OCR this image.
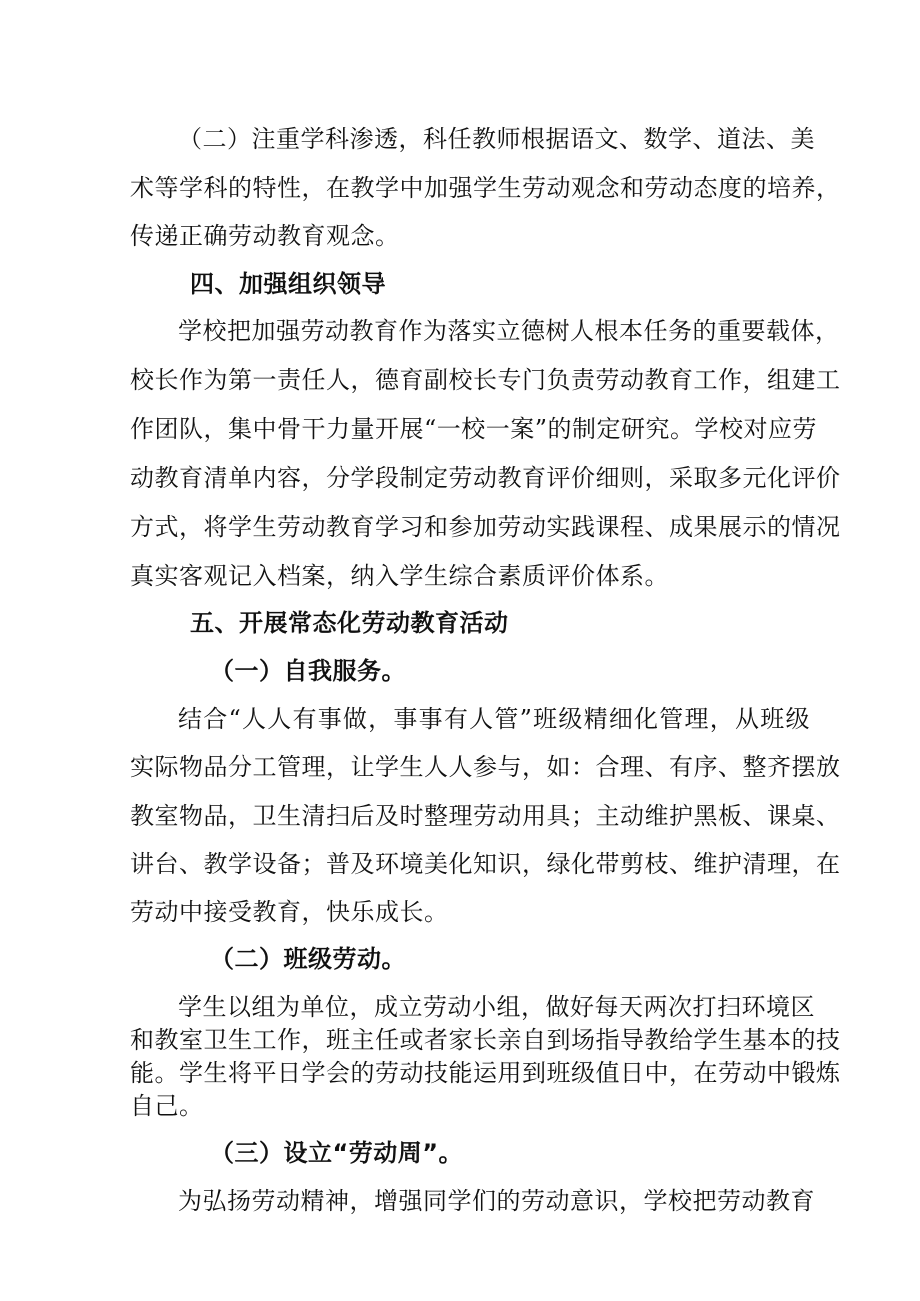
（二）注重学科渗透，科任教师根据语文、数学、道法、美
术等学科的特性，在教学中加强学生劳动观念和劳动态度的培养，
传递正确劳动教育观念。
四、加强组织领导
学校把加强劳动教育作为落实立德树人根本任务的重要载体，
校长作为第一责任人，德育副校长专门负责劳动教育工作，组建工
作团队，集中骨干力量开展“一校一案”的制定研究。学校对应劳
动教育清单内容，分学段制定劳动教育评价细则，采取多元化评价
方式，将学生劳动教育学习和参加劳动实践课程、成果展示的情况
真实客观记入档案，纳入学生综合素质评价体系。
五、开展常态化劳动教育活动
（一）自我服务。
结合“人人有事做，事事有人管”班级精细化管理，从班级
实际物品分工管理，让学生人人参与，如：合理、有序、整齐摆放
教室物品，卫生清扫后及时整理劳动用具；主动维护黑板、课桌、
讲台、教学设备；普及环境美化知识，绿化带剪枝、维护清理，在
劳动中接受教育，快乐成长。
（二）班级劳动。
学生以组为单位，成立劳动小组，做好每天两次打扫环境区
和教室卫生工作，班主任或者家长亲自到场指导教给学生基本的技
能。学生将平日学会的劳动技能运用到班级值日中，在劳动中锻炼
自己。
（三）设立“劳动周”。
为弘扬劳动精神，增强同学们的劳动意识，学校把劳动教育
